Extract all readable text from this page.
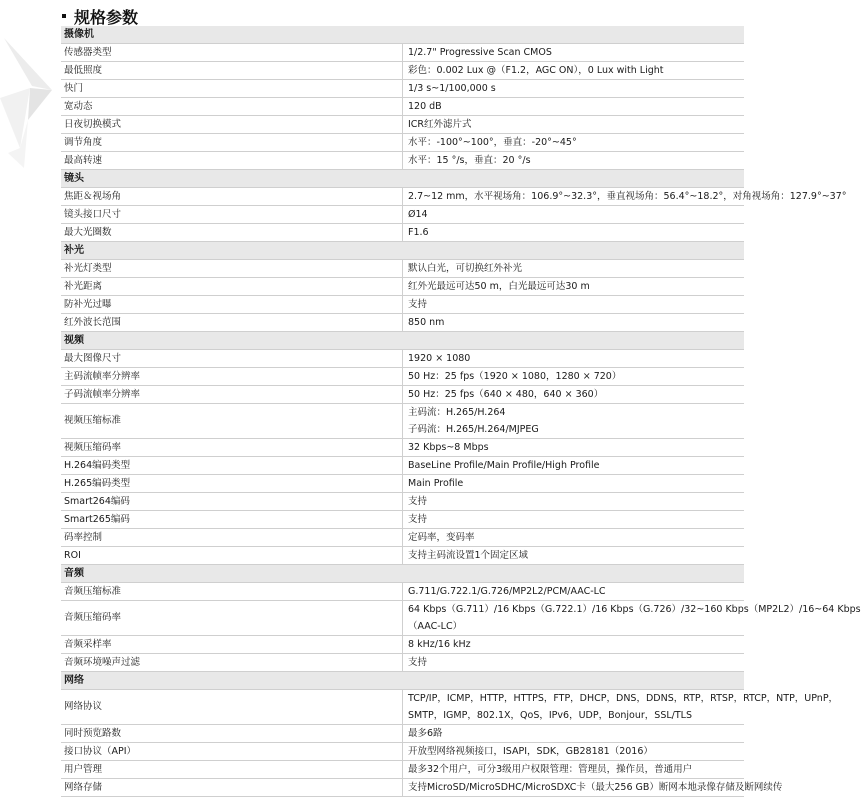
规格参数
摄像机	
传感器类型	1/2.7" Progressive Scan CMOS

最低照度	彩色：0.002 Lux @（F1.2，AGC ON），0 Lux with Light

快门	1/3 s~1/100,000 s

宽动态	120 dB

日夜切换模式	ICR红外滤片式

调节角度	水平：-100°~100°，垂直：-20°~45°

最高转速	水平：15 °/s，垂直：20 °/s

镜头	
焦距＆视场角	2.7~12 mm，水平视场角：106.9°~32.3°，垂直视场角：56.4°~18.2°，对角视场角：127.9°~37°

镜头接口尺寸	Ø14

最大光圈数	F1.6

补光	
补光灯类型	默认白光，可切换红外补光

补光距离	红外光最远可达50 m，白光最远可达30 m

防补光过曝	支持

红外波长范围	850 nm

视频	
最大图像尺寸	1920 × 1080

主码流帧率分辨率	50 Hz：25 fps（1920 × 1080，1280 × 720）

子码流帧率分辨率	50 Hz：25 fps（640 × 480，640 × 360）

视频压缩标准	主码流：H.265/H.264
子码流：H.265/H.264/MJPEG

视频压缩码率	32 Kbps~8 Mbps

H.264编码类型	BaseLine Profile/Main Profile/High Profile

H.265编码类型	Main Profile

Smart264编码	支持

Smart265编码	支持

码率控制	定码率，变码率

ROI	支持主码流设置1个固定区域

音频	
音频压缩标准	G.711/G.722.1/G.726/MP2L2/PCM/AAC-LC

音频压缩码率	64 Kbps（G.711）/16 Kbps（G.722.1）/16 Kbps（G.726）/32~160 Kbps（MP2L2）/16~64 Kbps
（AAC-LC）

音频采样率	8 kHz/16 kHz

音频环境噪声过滤	支持

网络	
网络协议	TCP/IP，ICMP，HTTP，HTTPS，FTP，DHCP，DNS，DDNS，RTP，RTSP，RTCP，NTP，UPnP，
SMTP，IGMP，802.1X，QoS，IPv6，UDP，Bonjour，SSL/TLS

同时预览路数	最多6路

接口协议（API）	开放型网络视频接口，ISAPI，SDK，GB28181（2016）

用户管理	最多32个用户，可分3级用户权限管理：管理员，操作员，普通用户

网络存储	支持MicroSD/MicroSDHC/MicroSDXC卡（最大256 GB）断网本地录像存储及断网续传
